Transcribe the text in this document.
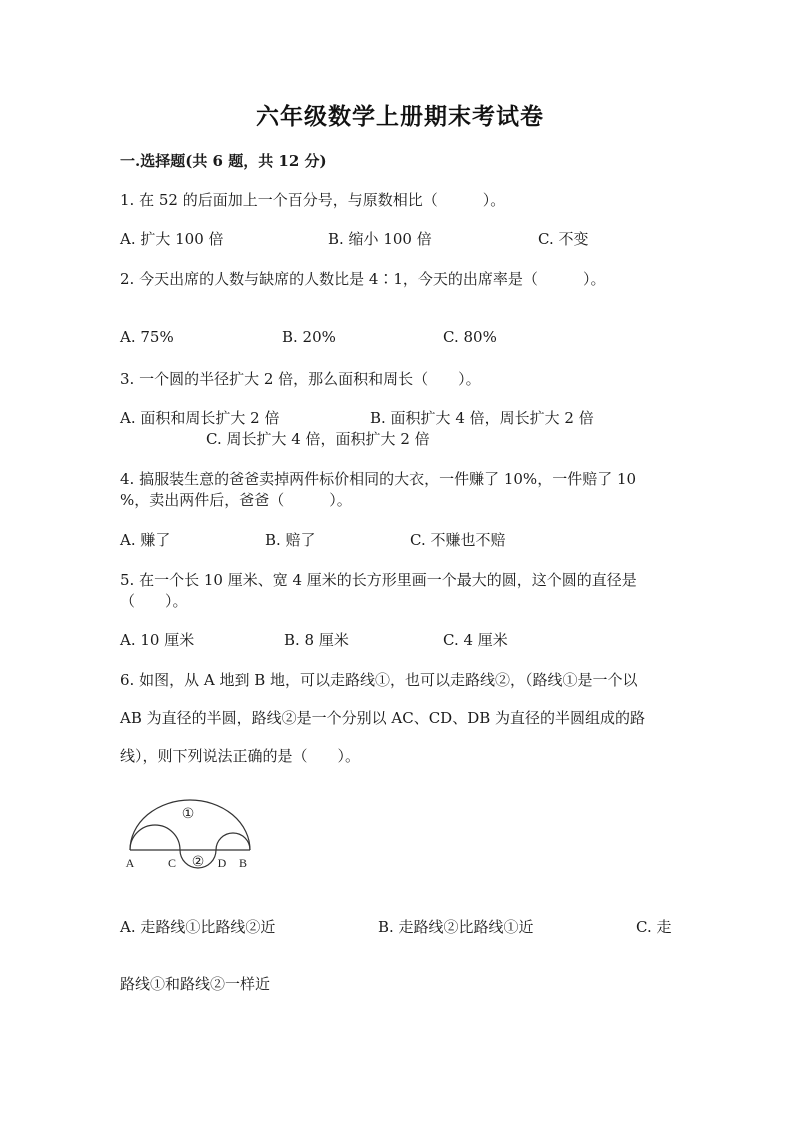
六年级数学上册期末考试卷
一.选择题(共 6 题，共 12 分)
1. 在 52 的后面加上一个百分号，与原数相比（　　　）。
A. 扩大 100 倍	B. 缩小 100 倍	C. 不变
2. 今天出席的人数与缺席的人数比是 4∶1，今天的出席率是（　　　）。
A. 75%	B. 20%	C. 80%
3. 一个圆的半径扩大 2 倍，那么面积和周长（　　）。
A. 面积和周长扩大 2 倍	B. 面积扩大 4 倍，周长扩大 2 倍
C. 周长扩大 4 倍，面积扩大 2 倍
4. 搞服装生意的爸爸卖掉两件标价相同的大衣，一件赚了 10%，一件赔了 10
%，卖出两件后，爸爸（　　　）。
A. 赚了	B. 赔了	C. 不赚也不赔
5. 在一个长 10 厘米、宽 4 厘米的长方形里画一个最大的圆，这个圆的直径是
（　　）。
A. 10 厘米	B. 8 厘米	C. 4 厘米
6. 如图，从 A 地到 B 地，可以走路线①，也可以走路线②，（路线①是一个以
AB 为直径的半圆，路线②是一个分别以 AC、CD、DB 为直径的半圆组成的路
线），则下列说法正确的是（　　）。
①
②
A	C	D B
A. 走路线①比路线②近	B. 走路线②比路线①近	C. 走
路线①和路线②一样近
